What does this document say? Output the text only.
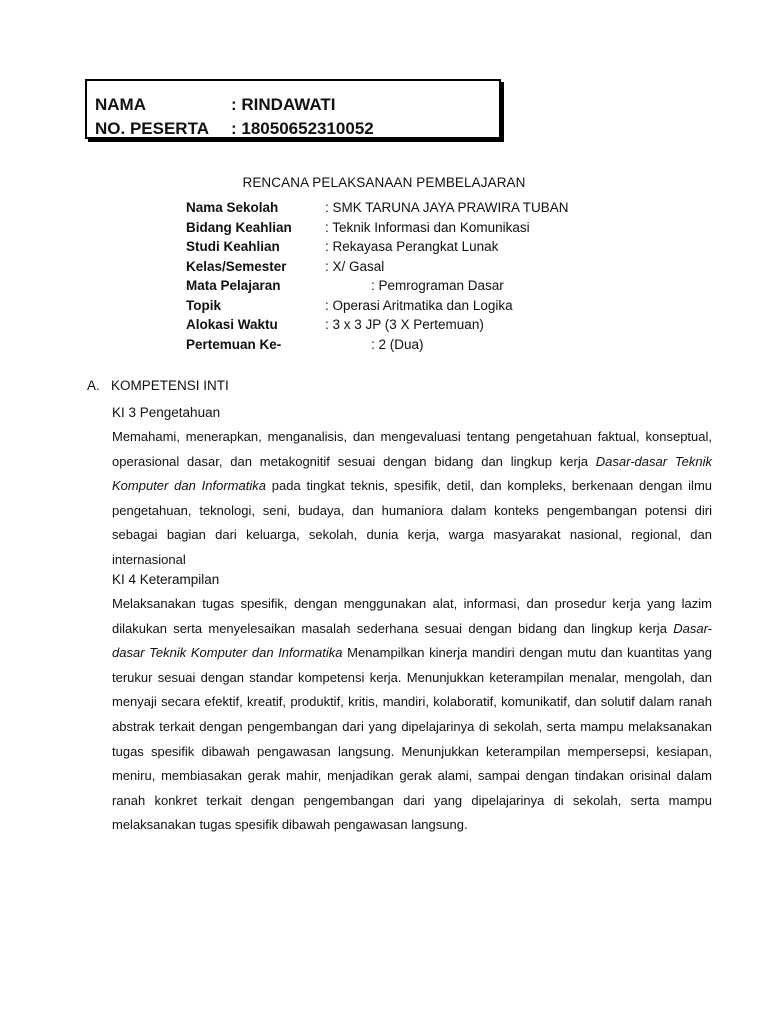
NAMA	: RINDAWATI
NO. PESERTA : 18050652310052
RENCANA PELAKSANAAN PEMBELAJARAN
Nama Sekolah	: SMK TARUNA JAYA PRAWIRA TUBAN
Bidang Keahlian : Teknik Informasi dan Komunikasi
Studi Keahlian	: Rekayasa Perangkat Lunak
Kelas/Semester	: X/ Gasal
Mata Pelajaran	: Pemrograman Dasar
Topik	: Operasi Aritmatika dan Logika
Alokasi Waktu	: 3 x 3 JP (3 X Pertemuan)
Pertemuan Ke-	: 2 (Dua)
A. KOMPETENSI INTI
KI 3 Pengetahuan
Memahami, menerapkan, menganalisis, dan mengevaluasi tentang pengetahuan faktual, konseptual, operasional dasar, dan metakognitif sesuai dengan bidang dan lingkup kerja Dasar-dasar Teknik Komputer dan Informatika pada tingkat teknis, spesifik, detil, dan kompleks, berkenaan dengan ilmu pengetahuan, teknologi, seni, budaya, dan humaniora dalam konteks pengembangan potensi diri sebagai bagian dari keluarga, sekolah, dunia kerja, warga masyarakat nasional, regional, dan internasional
KI 4 Keterampilan
Melaksanakan tugas spesifik, dengan menggunakan alat, informasi, dan prosedur kerja yang lazim dilakukan serta menyelesaikan masalah sederhana sesuai dengan bidang dan lingkup kerja Dasar-dasar Teknik Komputer dan Informatika Menampilkan kinerja mandiri dengan mutu dan kuantitas yang terukur sesuai dengan standar kompetensi kerja. Menunjukkan keterampilan menalar, mengolah, dan menyaji secara efektif, kreatif, produktif, kritis, mandiri, kolaboratif, komunikatif, dan solutif dalam ranah abstrak terkait dengan pengembangan dari yang dipelajarinya di sekolah, serta mampu melaksanakan tugas spesifik dibawah pengawasan langsung. Menunjukkan keterampilan mempersepsi, kesiapan, meniru, membiasakan gerak mahir, menjadikan gerak alami, sampai dengan tindakan orisinal dalam ranah konkret terkait dengan pengembangan dari yang dipelajarinya di sekolah, serta mampu melaksanakan tugas spesifik dibawah pengawasan langsung.
